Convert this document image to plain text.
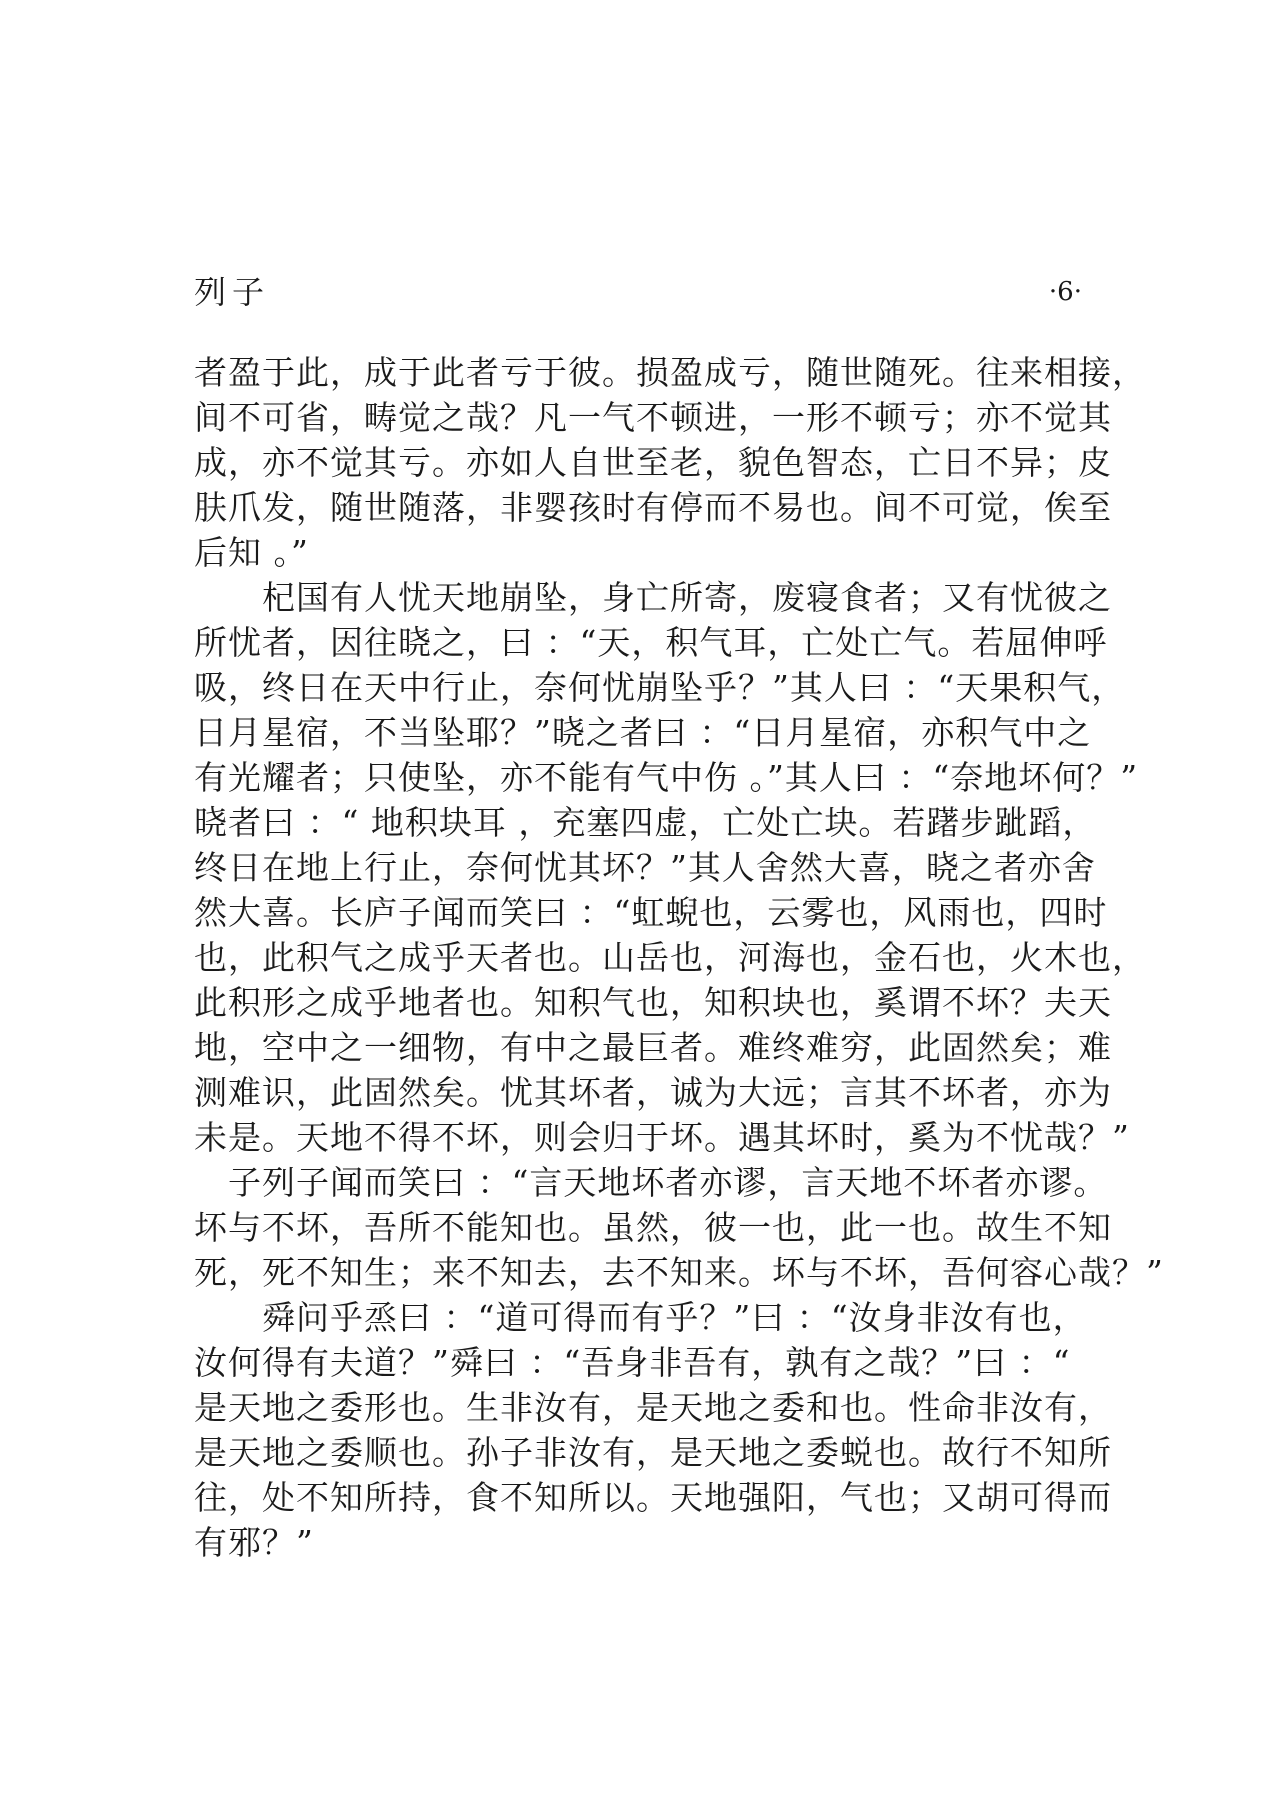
列子	·6·
者盈于此，成于此者亏于彼。损盈成亏，随世随死。往来相接，
间不可省，畴觉之哉？凡一气不顿进，一形不顿亏；亦不觉其
成，亦不觉其亏。亦如人自世至老，貌色智态，亡日不异；皮
肤爪发，随世随落，非婴孩时有停而不易也。间不可觉，俟至
后知 。”
　　杞国有人忧天地崩坠，身亡所寄，废寝食者；又有忧彼之
所忧者，因往晓之，曰 ：“天，积气耳，亡处亡气。若屈伸呼
吸，终日在天中行止，奈何忧崩坠乎？”其人曰 ：“天果积气，
日月星宿，不当坠耶？”晓之者曰 ：“日月星宿，亦积气中之
有光耀者；只使坠，亦不能有气中伤 。”其人曰 ：“奈地坏何？”
晓者曰 ：“ 地积块耳 ，充塞四虚，亡处亡块。若躇步跐蹈，
终日在地上行止，奈何忧其坏？”其人舍然大喜，晓之者亦舍
然大喜。长庐子闻而笑曰 ：“虹蜺也，云雾也，风雨也，四时
也，此积气之成乎天者也。山岳也，河海也，金石也，火木也，
此积形之成乎地者也。知积气也，知积块也，奚谓不坏？夫天
地，空中之一细物，有中之最巨者。难终难穷，此固然矣；难
测难识，此固然矣。忧其坏者，诚为大远；言其不坏者，亦为
未是。天地不得不坏，则会归于坏。遇其坏时，奚为不忧哉？”
　子列子闻而笑曰 ：“言天地坏者亦谬，言天地不坏者亦谬。
坏与不坏，吾所不能知也。虽然，彼一也，此一也。故生不知
死，死不知生；来不知去，去不知来。坏与不坏，吾何容心哉？”
　　舜问乎烝曰 ：“道可得而有乎？”曰 ：“汝身非汝有也，
汝何得有夫道？”舜曰 ：“吾身非吾有，孰有之哉？”曰 ：“
是天地之委形也。生非汝有，是天地之委和也。性命非汝有，
是天地之委顺也。孙子非汝有，是天地之委蜕也。故行不知所
往，处不知所持，食不知所以。天地强阳，气也；又胡可得而
有邪？”
